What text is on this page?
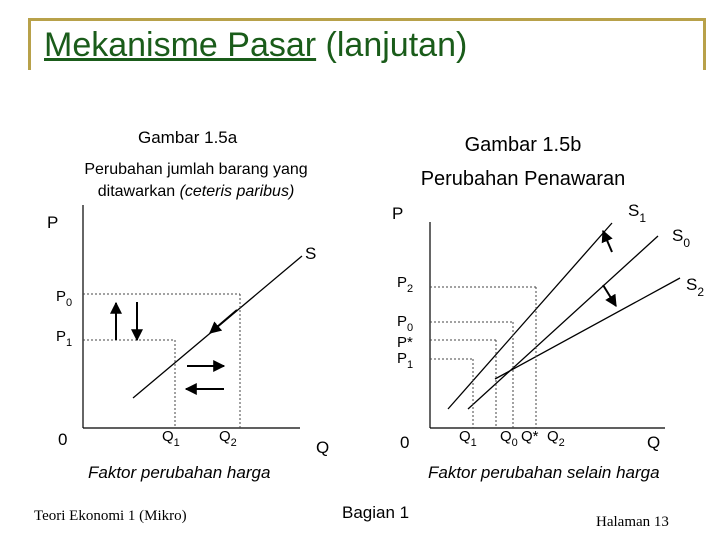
Mekanisme Pasar (lanjutan)
Gambar 1.5a
Perubahan jumlah barang yang ditawarkan (ceteris paribus)
Gambar 1.5b
Perubahan Penawaran
P
S
$P_0$
$P_1$
0	$Q_1$	$Q_2$	Q
Faktor perubahan harga
P	$S_1$
$S_0$
$S_2$
$P_2$
$P_0$
P*
$P_1$
0	$Q_1$ $Q_0$ Q* $Q_2$	Q
Faktor perubahan selain harga
Teori Ekonomi 1 (Mikro)	Bagian 1	Halaman 13
